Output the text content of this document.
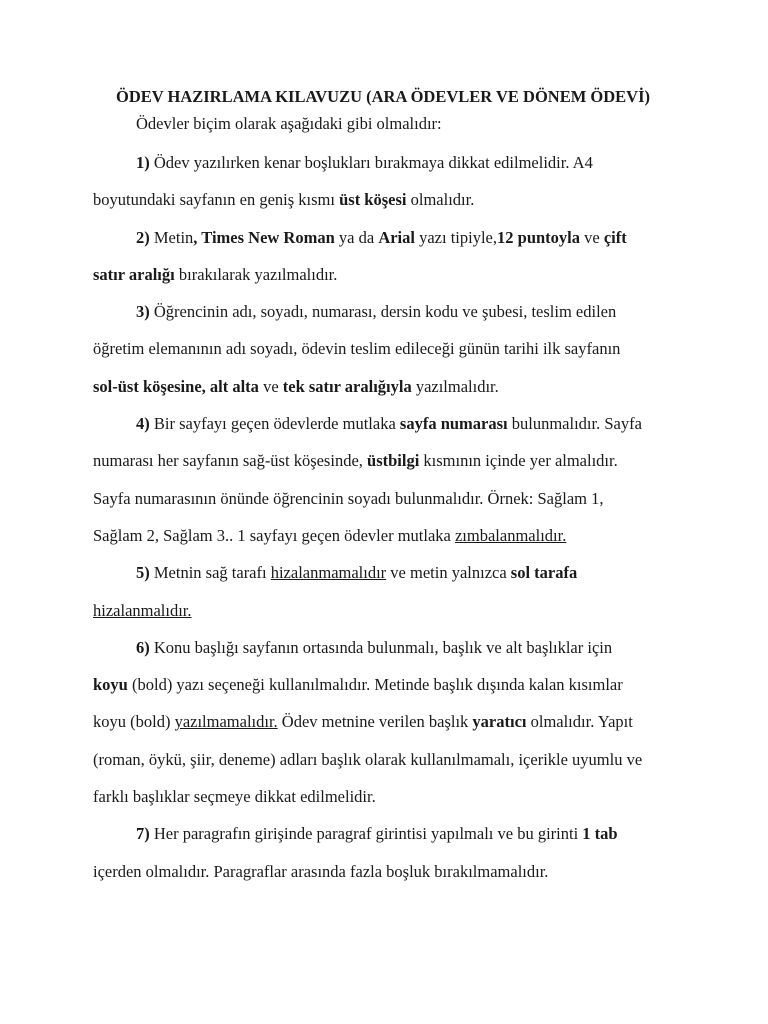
ÖDEV HAZIRLAMA KILAVUZU (ARA ÖDEVLER VE DÖNEM ÖDEVİ)

Ödevler biçim olarak aşağıdaki gibi olmalıdır:

1) Ödev yazılırken kenar boşlukları bırakmaya dikkat edilmelidir. A4

boyutundaki sayfanın en geniş kısmı üst köşesi olmalıdır.

2) Metin, Times New Roman ya da Arial yazı tipiyle,12 puntoyla ve çift

satır aralığı bırakılarak yazılmalıdır.

3) Öğrencinin adı, soyadı, numarası, dersin kodu ve şubesi, teslim edilen

öğretim elemanının adı soyadı, ödevin teslim edileceği günün tarihi ilk sayfanın

sol-üst köşesine, alt alta ve tek satır aralığıyla yazılmalıdır.

4) Bir sayfayı geçen ödevlerde mutlaka sayfa numarası bulunmalıdır. Sayfa

numarası her sayfanın sağ-üst köşesinde, üstbilgi kısmının içinde yer almalıdır.

Sayfa numarasının önünde öğrencinin soyadı bulunmalıdır. Örnek: Sağlam 1,

Sağlam 2, Sağlam 3.. 1 sayfayı geçen ödevler mutlaka zımbalanmalıdır.

5) Metnin sağ tarafı hizalanmamalıdır ve metin yalnızca sol tarafa

hizalanmalıdır.

6) Konu başlığı sayfanın ortasında bulunmalı, başlık ve alt başlıklar için

koyu (bold) yazı seçeneği kullanılmalıdır. Metinde başlık dışında kalan kısımlar

koyu (bold) yazılmamalıdır. Ödev metnine verilen başlık yaratıcı olmalıdır. Yapıt

(roman, öykü, şiir, deneme) adları başlık olarak kullanılmamalı, içerikle uyumlu ve

farklı başlıklar seçmeye dikkat edilmelidir.

7) Her paragrafın girişinde paragraf girintisi yapılmalı ve bu girinti 1 tab

içerden olmalıdır. Paragraflar arasında fazla boşluk bırakılmamalıdır.
